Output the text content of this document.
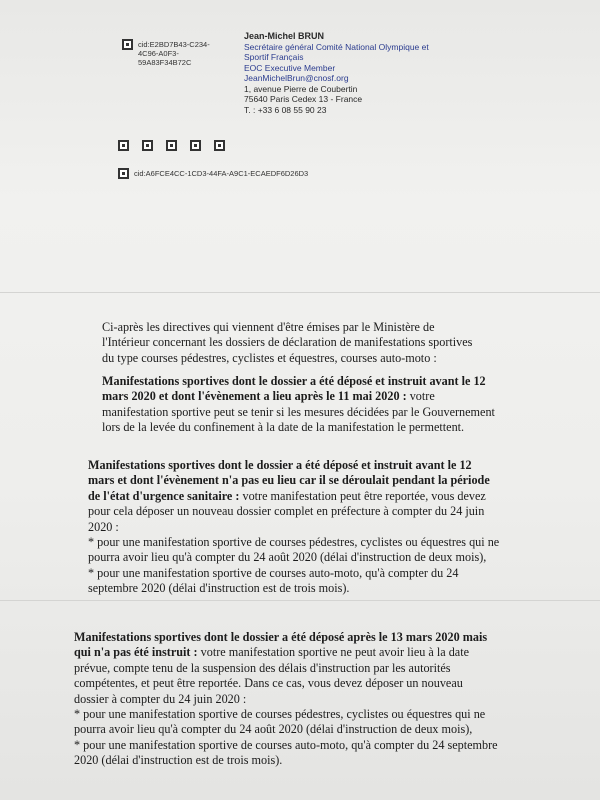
cid:E2BD7B43-C234-
4C96-A0F3-
59A83F34B72C
Jean-Michel BRUN
Secrétaire général Comité National Olympique et
Sportif Français
EOC Executive Member
JeanMichelBrun@cnosf.org
1, avenue Pierre de Coubertin
75640 Paris Cedex 13 - France
T. : +33 6 08 55 90 23
cid:A6FCE4CC-1CD3-44FA-A9C1-ECAEDF6D26D3
Ci-après les directives qui viennent d'être émises par le Ministère de l'Intérieur concernant les dossiers de déclaration de manifestations sportives du type courses pédestres, cyclistes et équestres, courses auto-moto :
Manifestations sportives dont le dossier a été déposé et instruit avant le 12 mars 2020 et dont l'évènement a lieu après le 11 mai 2020 : votre manifestation sportive peut se tenir si les mesures décidées par le Gouvernement lors de la levée du confinement à la date de la manifestation le permettent.
Manifestations sportives dont le dossier a été déposé et instruit avant le 12 mars et dont l'évènement n'a pas eu lieu car il se déroulait pendant la période de l'état d'urgence sanitaire : votre manifestation peut être reportée, vous devez pour cela déposer un nouveau dossier complet en préfecture à compter du 24 juin 2020 :
* pour une manifestation sportive de courses pédestres, cyclistes ou équestres qui ne pourra avoir lieu qu'à compter du 24 août 2020 (délai d'instruction de deux mois),
* pour une manifestation sportive de courses auto-moto, qu'à compter du 24 septembre 2020 (délai d'instruction est de trois mois).
Manifestations sportives dont le dossier a été déposé après le 13 mars 2020 mais qui n'a pas été instruit : votre manifestation sportive ne peut avoir lieu à la date prévue, compte tenu de la suspension des délais d'instruction par les autorités compétentes, et peut être reportée. Dans ce cas, vous devez déposer un nouveau dossier à compter du 24 juin 2020 :
* pour une manifestation sportive de courses pédestres, cyclistes ou équestres qui ne pourra avoir lieu qu'à compter du 24 août 2020 (délai d'instruction de deux mois),
* pour une manifestation sportive de courses auto-moto, qu'à compter du 24 septembre 2020 (délai d'instruction est de trois mois).
